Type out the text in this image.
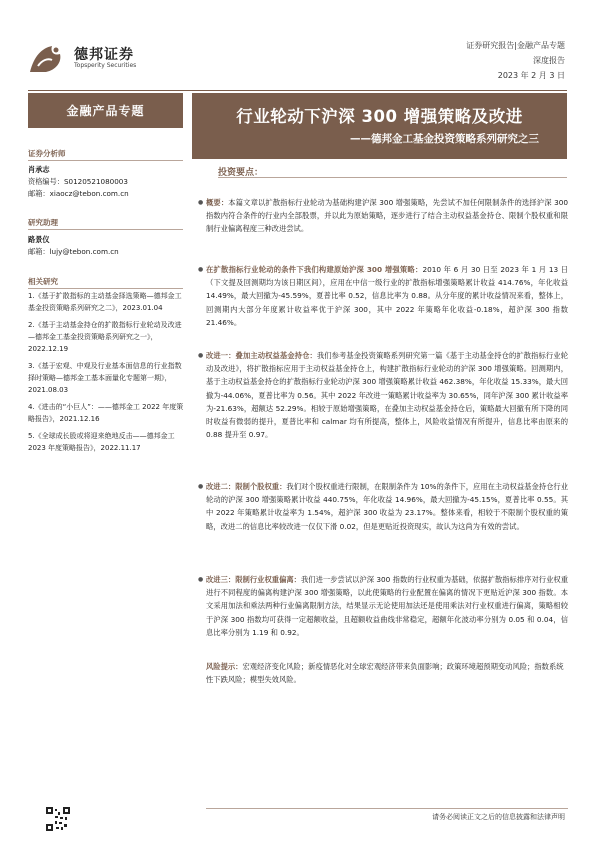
德邦证券
Topsperity Securities
证券研究报告|金融产品专题
深度报告
2023 年 2 月 3 日
金融产品专题
证券分析师
肖承志
资格编号：S0120521080003
邮箱：xiaocz@tebon.com.cn
研究助理
路景仪
邮箱：lujy@tebon.com.cn
相关研究
1.《基于扩散指标的主动基金择选策略—德邦金工基金投资策略系列研究之二》，2023.01.04
2.《基于主动基金持仓的扩散指标行业轮动及改进—德邦金工基金投资策略系列研究之一》，2022.12.19
3.《基于宏观、中观及行业基本面信息的行业指数择时策略—德邦金工基本面量化专题第一期》，2021.08.03
4.《进击的“小巨人”：——德邦金工 2022 年度策略报告》，2021.12.16
5.《全球成长股或将迎来绝地反击——德邦金工 2023 年度策略报告》，2022.11.17
行业轮动下沪深 300 增强策略及改进
——德邦金工基金投资策略系列研究之三
投资要点：
● 概要：本篇文章以扩散指标行业轮动为基础构建沪深 300 增强策略，先尝试不加任何限制条件的选择沪深 300 指数内符合条件的行业内全部股票，并以此为原始策略，逐步进行了结合主动权益基金持仓、限制个股权重和限制行业偏离程度三种改进尝试。
● 在扩散指标行业轮动的条件下我们构建原始沪深 300 增强策略：2010 年 6 月 30 日至 2023 年 1 月 13 日（下文提及回测期均为该日期区间），应用在中信一级行业的扩散指标增强策略累计收益 414.76%，年化收益 14.49%，最大回撤为-45.59%，夏普比率 0.52，信息比率为 0.88。从分年度的累计收益情况来看，整体上，回测期内大部分年度累计收益率优于沪深 300，其中 2022 年策略年化收益-0.18%，超沪深 300 指数 21.46%。
● 改进一：叠加主动权益基金持仓：我们参考基金投资策略系列研究第一篇《基于主动基金持仓的扩散指标行业轮动及改进》，将扩散指标应用于主动权益基金持仓上，构建扩散指标行业轮动的沪深 300 增强策略。回测期内，基于主动权益基金持仓的扩散指标行业轮动沪深 300 增强策略累计收益 462.38%，年化收益 15.33%，最大回撤为-44.06%，夏普比率为 0.56。其中 2022 年改进一策略累计收益率为 30.65%，同年沪深 300 累计收益率为-21.63%，超额达 52.29%。相较于原始增强策略，在叠加主动权益基金持仓后，策略最大回撤有所下降的同时收益有微弱的提升，夏普比率和 calmar 均有所提高，整体上，风险收益情况有所提升，信息比率由原来的 0.88 提升至 0.97。
● 改进二：限制个股权重：我们对个股权重进行限制，在限制条件为 10%的条件下，应用在主动权益基金持仓行业轮动的沪深 300 增强策略累计收益 440.75%，年化收益 14.96%，最大回撤为-45.15%，夏普比率 0.55。其中 2022 年策略累计收益率为 1.54%，超沪深 300 收益为 23.17%。整体来看，相较于不限制个股权重的策略，改进二的信息比率较改进一仅仅下滑 0.02，但是更贴近投资现实，故认为这尚为有效的尝试。
● 改进三：限制行业权重偏离：我们进一步尝试以沪深 300 指数的行业权重为基础，依据扩散指标排序对行业权重进行不同程度的偏离构建沪深 300 增强策略，以此使策略的行业配置在偏离的情况下更贴近沪深 300 指数。本文采用加法和乘法两种行业偏离限制方法，结果显示无论使用加法还是使用乘法对行业权重进行偏离，策略相较于沪深 300 指数均可获得一定超额收益，且超额收益曲线非常稳定，超额年化波动率分别为 0.05 和 0.04，信息比率分别为 1.19 和 0.92。
风险提示：宏观经济变化风险；新疫情恶化对全球宏观经济带来负面影响；政策环境超预期变动风险；指数系统性下跌风险；模型失效风险。
请务必阅读正文之后的信息披露和法律声明
